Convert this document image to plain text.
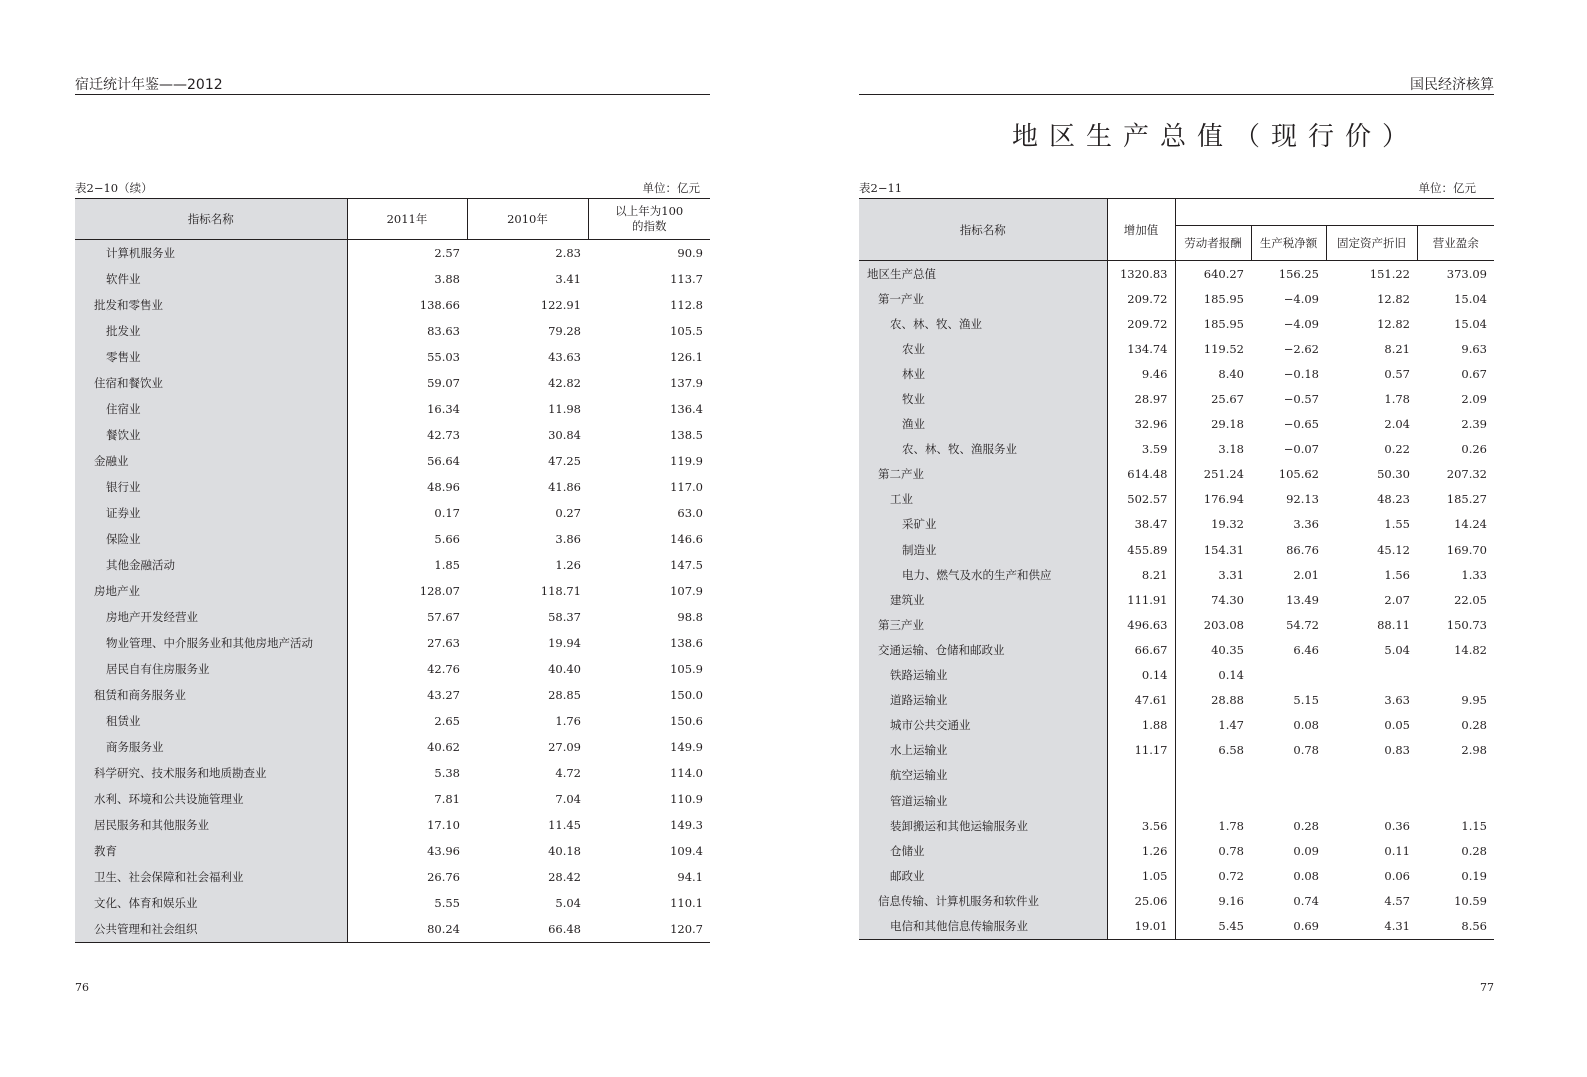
宿迁统计年鉴——2012
表2−10（续）	单位：亿元
指标名称	2011年	2010年	以上年为100
的指数
计算机服务业	2.57	2.83	90.9
软件业	3.88	3.41	113.7
批发和零售业	138.66	122.91	112.8
批发业	83.63	79.28	105.5
零售业	55.03	43.63	126.1
住宿和餐饮业	59.07	42.82	137.9
住宿业	16.34	11.98	136.4
餐饮业	42.73	30.84	138.5
金融业	56.64	47.25	119.9
银行业	48.96	41.86	117.0
证券业	0.17	0.27	63.0
保险业	5.66	3.86	146.6
其他金融活动	1.85	1.26	147.5
房地产业	128.07	118.71	107.9
房地产开发经营业	57.67	58.37	98.8
物业管理、中介服务业和其他房地产活动	27.63	19.94	138.6
居民自有住房服务业	42.76	40.40	105.9
租赁和商务服务业	43.27	28.85	150.0
租赁业	2.65	1.76	150.6
商务服务业	40.62	27.09	149.9
科学研究、技术服务和地质勘查业	5.38	4.72	114.0
水利、环境和公共设施管理业	7.81	7.04	110.9
居民服务和其他服务业	17.10	11.45	149.3
教育	43.96	40.18	109.4
卫生、社会保障和社会福利业	26.76	28.42	94.1
文化、体育和娱乐业	5.55	5.04	110.1
公共管理和社会组织	80.24	66.48	120.7
76
国民经济核算
地区生产总值（现行价）
表2−11	单位：亿元
指标名称	增加值				
		劳动者报酬	生产税净额	固定资产折旧	营业盈余
地区生产总值	1320.83	640.27	156.25	151.22	373.09
第一产业	209.72	185.95	−4.09	12.82	15.04
农、林、牧、渔业	209.72	185.95	−4.09	12.82	15.04
农业	134.74	119.52	−2.62	8.21	9.63
林业	9.46	8.40	−0.18	0.57	0.67
牧业	28.97	25.67	−0.57	1.78	2.09
渔业	32.96	29.18	−0.65	2.04	2.39
农、林、牧、渔服务业	3.59	3.18	−0.07	0.22	0.26
第二产业	614.48	251.24	105.62	50.30	207.32
工业	502.57	176.94	92.13	48.23	185.27
采矿业	38.47	19.32	3.36	1.55	14.24
制造业	455.89	154.31	86.76	45.12	169.70
电力、燃气及水的生产和供应	8.21	3.31	2.01	1.56	1.33
建筑业	111.91	74.30	13.49	2.07	22.05
第三产业	496.63	203.08	54.72	88.11	150.73
交通运输、仓储和邮政业	66.67	40.35	6.46	5.04	14.82
铁路运输业	0.14	0.14			
道路运输业	47.61	28.88	5.15	3.63	9.95
城市公共交通业	1.88	1.47	0.08	0.05	0.28
水上运输业	11.17	6.58	0.78	0.83	2.98
航空运输业					
管道运输业					
装卸搬运和其他运输服务业	3.56	1.78	0.28	0.36	1.15
仓储业	1.26	0.78	0.09	0.11	0.28
邮政业	1.05	0.72	0.08	0.06	0.19
信息传输、计算机服务和软件业	25.06	9.16	0.74	4.57	10.59
电信和其他信息传输服务业	19.01	5.45	0.69	4.31	8.56
77
